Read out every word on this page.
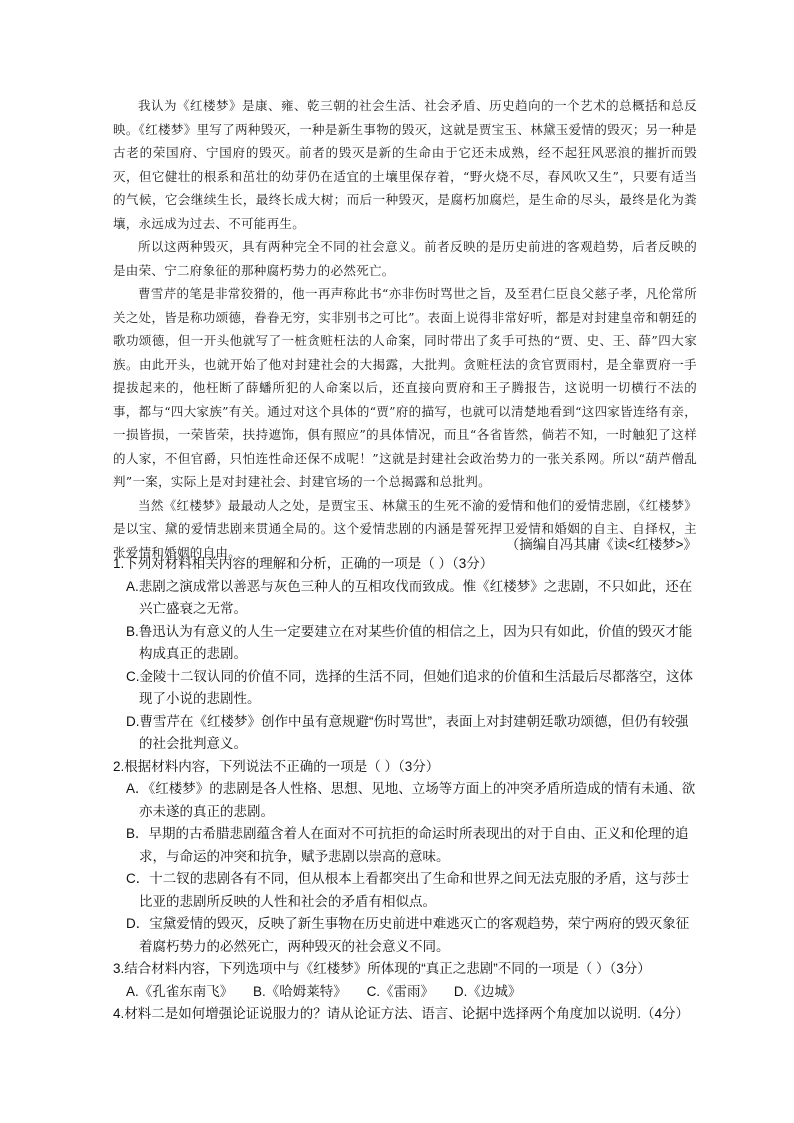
我认为《红楼梦》是康、雍、乾三朝的社会生活、社会矛盾、历史趋向的一个艺术的总概括和总反映。《红楼梦》里写了两种毁灭，一种是新生事物的毁灭，这就是贾宝玉、林黛玉爱情的毁灭；另一种是古老的荣国府、宁国府的毁灭。前者的毁灭是新的生命由于它还未成熟，经不起狂风恶浪的摧折而毁灭，但它健壮的根系和茁壮的幼芽仍在适宜的土壤里保存着，“野火烧不尽，春风吹又生”，只要有适当的气候，它会继续生长，最终长成大树；而后一种毁灭，是腐朽加腐烂，是生命的尽头，最终是化为粪壤，永远成为过去、不可能再生。

所以这两种毁灭，具有两种完全不同的社会意义。前者反映的是历史前进的客观趋势，后者反映的是由荣、宁二府象征的那种腐朽势力的必然死亡。

曹雪芹的笔是非常狡猾的，他一再声称此书“亦非伤时骂世之旨，及至君仁臣良父慈子孝，凡伦常所关之处，皆是称功颂德，眷眷无穷，实非别书之可比”。表面上说得非常好听，都是对封建皇帝和朝廷的歌功颂德，但一开头他就写了一桩贪赃枉法的人命案，同时带出了炙手可热的“贾、史、王、薛”四大家族。由此开头，也就开始了他对封建社会的大揭露，大批判。贪赃枉法的贪官贾雨村，是全靠贾府一手提拔起来的，他枉断了薛蟠所犯的人命案以后，还直接向贾府和王子腾报告，这说明一切横行不法的事，都与“四大家族”有关。通过对这个具体的“贾”府的描写，也就可以清楚地看到“这四家皆连络有亲，一损皆损，一荣皆荣，扶持遮饰，俱有照应”的具体情况，而且“各省皆然，倘若不知，一时触犯了这样的人家，不但官爵，只怕连性命还保不成呢！”这就是封建社会政治势力的一张关系网。所以“葫芦僧乱判”一案，实际上是对封建社会、封建官场的一个总揭露和总批判。

当然《红楼梦》最最动人之处，是贾宝玉、林黛玉的生死不渝的爱情和他们的爱情悲剧，《红楼梦》是以宝、黛的爱情悲剧来贯通全局的。这个爱情悲剧的内涵是誓死捍卫爱情和婚姻的自主、自择权，主张爱情和婚姻的自由。	（摘编自冯其庸《读<红楼梦>》

1.下列对材料相关内容的理解和分析，正确的一项是（ ）（3分）

A.悲剧之演成常以善恶与灰色三种人的互相攻伐而致成。惟《红楼梦》之悲剧，不只如此，还在兴亡盛衰之无常。

B.鲁迅认为有意义的人生一定要建立在对某些价值的相信之上，因为只有如此，价值的毁灭才能构成真正的悲剧。

C.金陵十二钗认同的价值不同，选择的生活不同，但她们追求的价值和生活最后尽都落空，这体现了小说的悲剧性。

D.曹雪芹在《红楼梦》创作中虽有意规避“伤时骂世”，表面上对封建朝廷歌功颂德，但仍有较强的社会批判意义。

2.根据材料内容，下列说法不正确的一项是（ ）（3分）

A．《红楼梦》的悲剧是各人性格、思想、见地、立场等方面上的冲突矛盾所造成的情有未通、欲亦未遂的真正的悲剧。

B．早期的古希腊悲剧蕴含着人在面对不可抗拒的命运时所表现出的对于自由、正义和伦理的追求，与命运的冲突和抗争，赋予悲剧以崇高的意味。

C．十二钗的悲剧各有不同，但从根本上看都突出了生命和世界之间无法克服的矛盾，这与莎士比亚的悲剧所反映的人性和社会的矛盾有相似点。

D．宝黛爱情的毁灭，反映了新生事物在历史前进中难逃灭亡的客观趋势，荣宁两府的毁灭象征着腐朽势力的必然死亡，两种毁灭的社会意义不同。

3.结合材料内容，下列选项中与《红楼梦》所体现的“真正之悲剧”不同的一项是（ ）（3分）

A.《孔雀东南飞》 B.《哈姆莱特》 C.《雷雨》 D.《边城》

4.材料二是如何增强论证说服力的？请从论证方法、语言、论据中选择两个角度加以说明.（4分）
